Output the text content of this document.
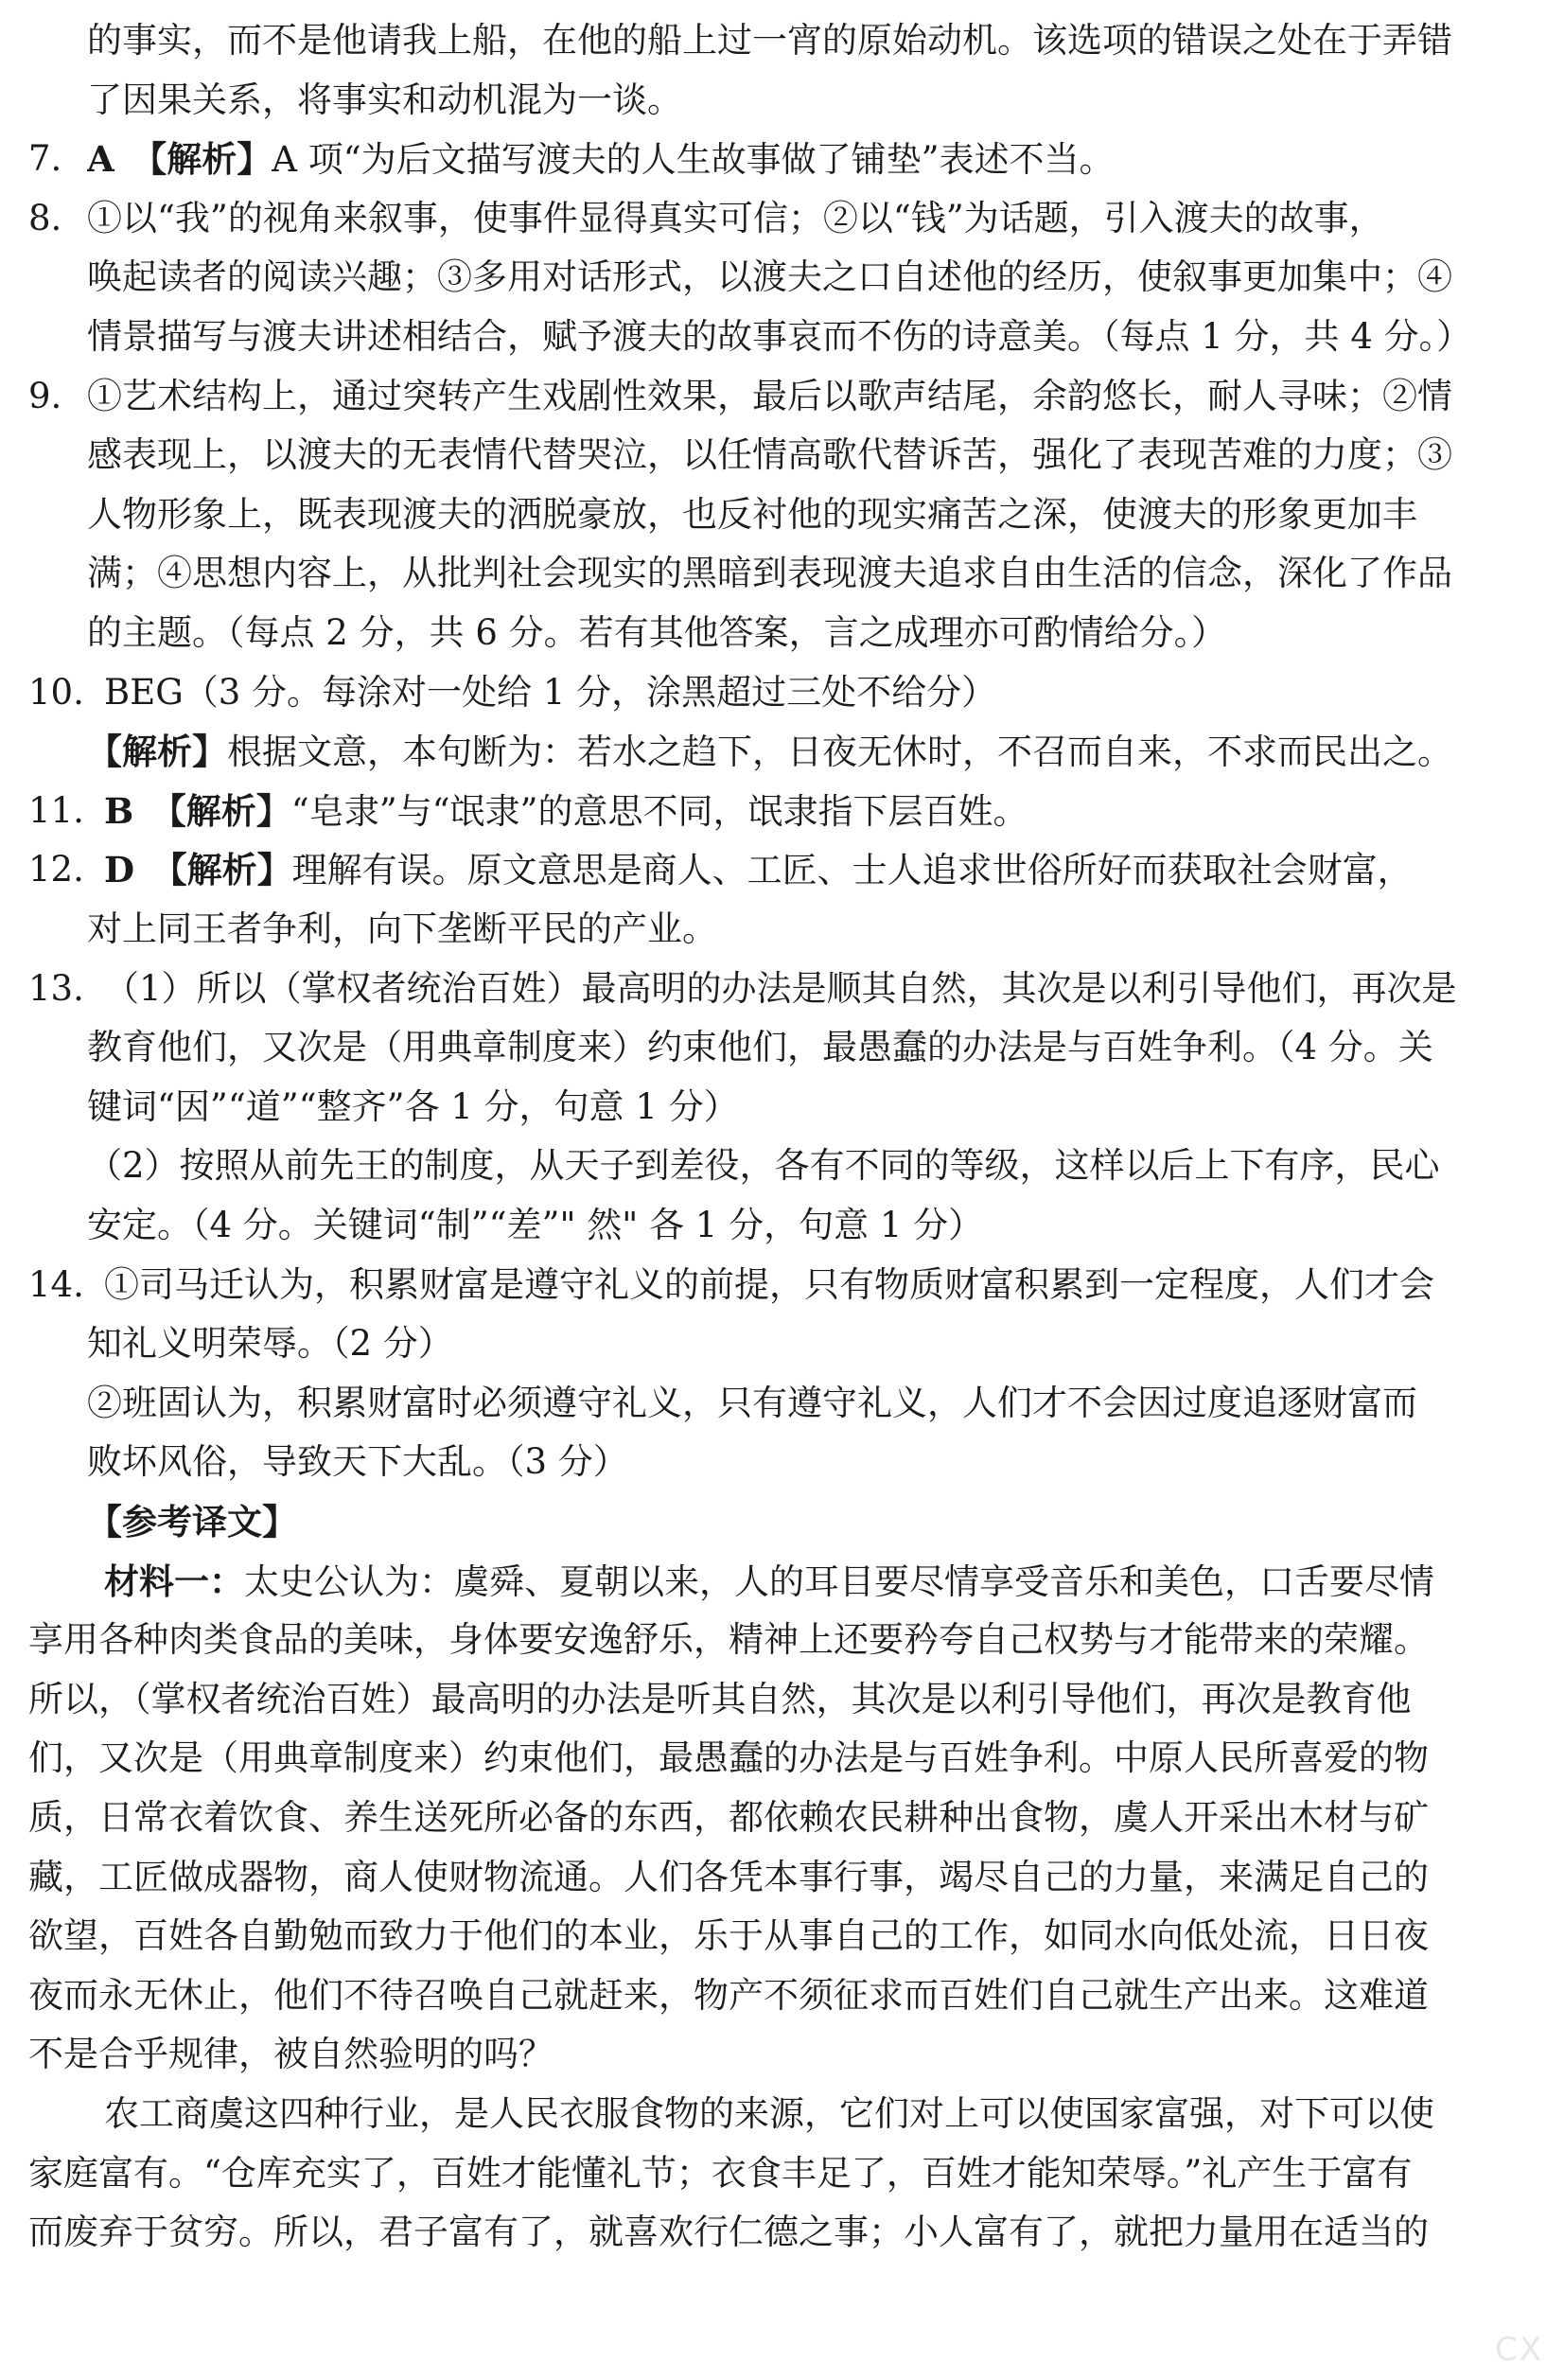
的事实，而不是他请我上船，在他的船上过一宵的原始动机。该选项的错误之处在于弄错
了因果关系，将事实和动机混为一谈。
7. A　【解析】A 项“为后文描写渡夫的人生故事做了铺垫”表述不当。
8. ①以“我”的视角来叙事，使事件显得真实可信；②以“钱”为话题，引入渡夫的故事，
唤起读者的阅读兴趣；③多用对话形式，以渡夫之口自述他的经历，使叙事更加集中；④
情景描写与渡夫讲述相结合，赋予渡夫的故事哀而不伤的诗意美。（每点 1 分，共 4 分。）
9. ①艺术结构上，通过突转产生戏剧性效果，最后以歌声结尾，余韵悠长，耐人寻味；②情
感表现上，以渡夫的无表情代替哭泣，以任情高歌代替诉苦，强化了表现苦难的力度；③
人物形象上，既表现渡夫的洒脱豪放，也反衬他的现实痛苦之深，使渡夫的形象更加丰
满；④思想内容上，从批判社会现实的黑暗到表现渡夫追求自由生活的信念，深化了作品
的主题。（每点 2 分，共 6 分。若有其他答案，言之成理亦可酌情给分。）
10. BEG（3 分。每涂对一处给 1 分，涂黑超过三处不给分）
【解析】根据文意，本句断为：若水之趋下，日夜无休时，不召而自来，不求而民出之。
11. B　【解析】“皂隶”与“氓隶”的意思不同，氓隶指下层百姓。
12. D　【解析】理解有误。原文意思是商人、工匠、士人追求世俗所好而获取社会财富，
对上同王者争利，向下垄断平民的产业。
13. （1）所以（掌权者统治百姓）最高明的办法是顺其自然，其次是以利引导他们，再次是
教育他们，又次是（用典章制度来）约束他们，最愚蠢的办法是与百姓争利。（4 分。关
键词“因”“道”“整齐”各 1 分，句意 1 分）
（2）按照从前先王的制度，从天子到差役，各有不同的等级，这样以后上下有序，民心
安定。（4 分。关键词“制”“差”" 然" 各 1 分，句意 1 分）
14. ①司马迁认为，积累财富是遵守礼义的前提，只有物质财富积累到一定程度，人们才会
知礼义明荣辱。（2 分）
②班固认为，积累财富时必须遵守礼义，只有遵守礼义，人们才不会因过度追逐财富而
败坏风俗，导致天下大乱。（3 分）
【参考译文】
材料一：太史公认为：虞舜、夏朝以来，人的耳目要尽情享受音乐和美色，口舌要尽情
享用各种肉类食品的美味，身体要安逸舒乐，精神上还要矜夸自己权势与才能带来的荣耀。
所以，（掌权者统治百姓）最高明的办法是听其自然，其次是以利引导他们，再次是教育他
们，又次是（用典章制度来）约束他们，最愚蠢的办法是与百姓争利。中原人民所喜爱的物
质，日常衣着饮食、养生送死所必备的东西，都依赖农民耕种出食物，虞人开采出木材与矿
藏，工匠做成器物，商人使财物流通。人们各凭本事行事，竭尽自己的力量，来满足自己的
欲望，百姓各自勤勉而致力于他们的本业，乐于从事自己的工作，如同水向低处流，日日夜
夜而永无休止，他们不待召唤自己就赶来，物产不须征求而百姓们自己就生产出来。这难道
不是合乎规律，被自然验明的吗？
农工商虞这四种行业，是人民衣服食物的来源，它们对上可以使国家富强，对下可以使
家庭富有。“仓库充实了，百姓才能懂礼节；衣食丰足了，百姓才能知荣辱。”礼产生于富有
而废弃于贫穷。所以，君子富有了，就喜欢行仁德之事；小人富有了，就把力量用在适当的
CX
